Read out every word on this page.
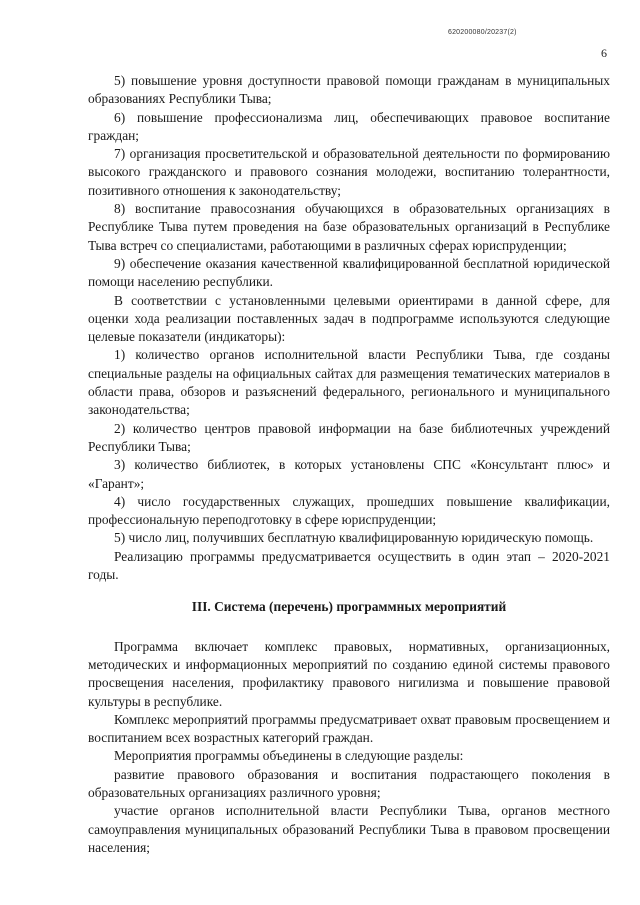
620200080/20237(2)
6

5) повышение уровня доступности правовой помощи гражданам в муниципальных образованиях Республики Тыва;

6) повышение профессионализма лиц, обеспечивающих правовое воспитание граждан;

7) организация просветительской и образовательной деятельности по формированию высокого гражданского и правового сознания молодежи, воспитанию толерантности, позитивного отношения к законодательству;

8) воспитание правосознания обучающихся в образовательных организациях в Республике Тыва путем проведения на базе образовательных организаций в Республике Тыва встреч со специалистами, работающими в различных сферах юриспруденции;

9) обеспечение оказания качественной квалифицированной бесплатной юридической помощи населению республики.

В соответствии с установленными целевыми ориентирами в данной сфере, для оценки хода реализации поставленных задач в подпрограмме используются следующие целевые показатели (индикаторы):

1) количество органов исполнительной власти Республики Тыва, где созданы специальные разделы на официальных сайтах для размещения тематических материалов в области права, обзоров и разъяснений федерального, регионального и муниципального законодательства;

2) количество центров правовой информации на базе библиотечных учреждений Республики Тыва;

3) количество библиотек, в которых установлены СПС «Консультант плюс» и «Гарант»;

4) число государственных служащих, прошедших повышение квалификации, профессиональную переподготовку в сфере юриспруденции;

5) число лиц, получивших бесплатную квалифицированную юридическую помощь.

Реализацию программы предусматривается осуществить в один этап – 2020-2021 годы.

III. Система (перечень) программных мероприятий

Программа включает комплекс правовых, нормативных, организационных, методических и информационных мероприятий по созданию единой системы правового просвещения населения, профилактику правового нигилизма и повышение правовой культуры в республике.

Комплекс мероприятий программы предусматривает охват правовым просвещением и воспитанием всех возрастных категорий граждан.

Мероприятия программы объединены в следующие разделы:

развитие правового образования и воспитания подрастающего поколения в образовательных организациях различного уровня;

участие органов исполнительной власти Республики Тыва, органов местного самоуправления муниципальных образований Республики Тыва в правовом просвещении населения;
